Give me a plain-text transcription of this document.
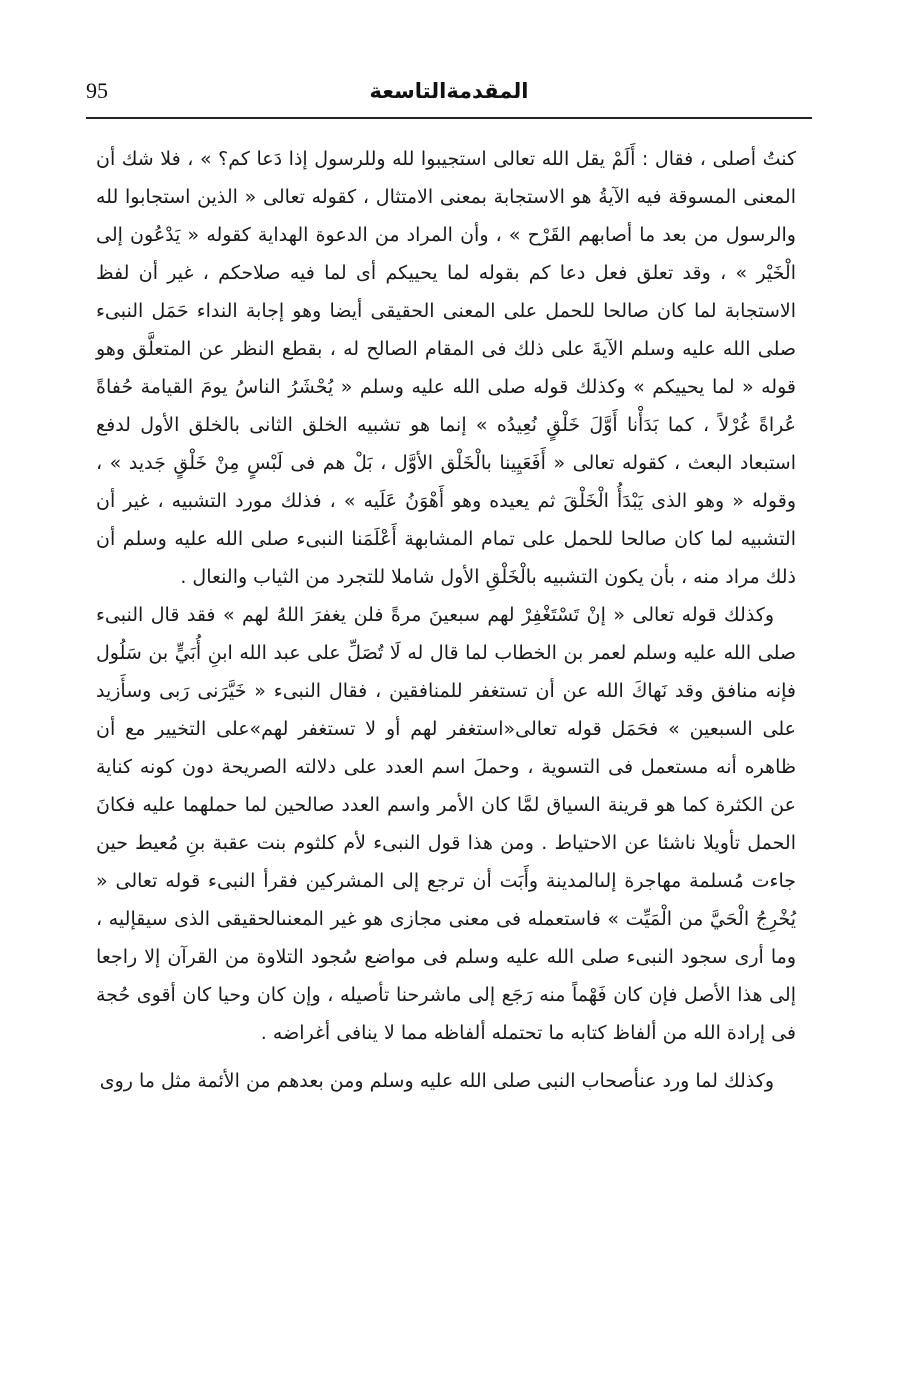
95	المقدمةالتاسعة

كنتُ أصلى ، فقال : أَلَمْ يقل الله تعالى استجيبوا لله وللرسول إذا دَعا كم؟ » ، فلا شك أن المعنى المسوقة فيه الآيةُ هو الاستجابة بمعنى الامتثال ، كقوله تعالى « الذين استجابوا لله والرسول من بعد ما أصابهم القَرْح » ، وأن المراد من الدعوة الهداية كقوله « يَدْعُون إلى الْخَيْر » ، وقد تعلق فعل دعا كم بقوله لما يحييكم أى لما فيه صلاحكم ، غير أن لفظ الاستجابة لما كان صالحا للحمل على المعنى الحقيقى أيضا وهو إجابة النداء حَمَل النبىء صلى الله عليه وسلم الآيةَ على ذلك فى المقام الصالح له ، بقطع النظر عن المتعلَّق وهو قوله « لما يحييكم » وكذلك قوله صلى الله عليه وسلم « يُحْشَرُ الناسُ يومَ القيامة حُفاةً عُراةً غُرْلاً ، كما بَدَأْنا أَوَّلَ خَلْقٍ نُعِيدُه » إنما هو تشبيه الخلق الثانى بالخلق الأول لدفع استبعاد البعث ، كقوله تعالى « أَفَعَيِينا بالْخَلْق الأوَّل ، بَلْ هم فى لَبْسٍ مِنْ خَلْقٍ جَديد » ، وقوله « وهو الذى يَبْدَأُ الْخَلْقَ ثم يعيده وهو أَهْوَنُ عَلَيه » ، فذلك مورد التشبيه ، غير أن التشبيه لما كان صالحا للحمل على تمام المشابهة أَعْلَمَنا النبىء صلى الله عليه وسلم أن ذلك مراد منه ، بأن يكون التشبيه بالْخَلْقِ الأول شاملا للتجرد من الثياب والنعال .

وكذلك قوله تعالى « إنْ تَسْتَغْفِرْ لهم سبعينَ مرةً فلن يغفرَ اللهُ لهم » فقد قال النبىء صلى الله عليه وسلم لعمر بن الخطاب لما قال له لَا تُصَلِّ على عبد الله ابنِ أُبَيٍّ بن سَلُول فإنه منافق وقد نَهاكَ الله عن أن تستغفر للمنافقين ، فقال النبىء « خَيَّرَنى رَبى وسأَزيد على السبعين » فحَمَل قوله تعالى«استغفر لهم أو لا تستغفر لهم»على التخيير مع أن ظاهره أنه مستعمل فى التسوية ، وحملَ اسم العدد على دلالته الصريحة دون كونه كناية عن الكثرة كما هو قرينة السياق لمَّا كان الأمر واسم العدد صالحين لما حملهما عليه فكانَ الحمل تأويلا ناشئا عن الاحتياط . ومن هذا قول النبىء لأم كلثوم بنت عقبة بنِ مُعيط حين جاءت مُسلمة مهاجرة إلىالمدينة وأَبَت أن ترجع إلى المشركين فقرأ النبىء قوله تعالى « يُخْرِجُ الْحَيَّ من الْمَيِّت » فاستعمله فى معنى مجازى هو غير المعنىالحقيقى الذى سيقإليه ، وما أرى سجود النبىء صلى الله عليه وسلم فى مواضع سُجود التلاوة من القرآن إلا راجعا إلى هذا الأصل فإن كان فَهْماً منه رَجَع إلى ماشرحنا تأصيله ، وإن كان وحيا كان أقوى حُجة فى إرادة الله من ألفاظ كتابه ما تحتمله ألفاظه مما لا ينافى أغراضه .

وكذلك لما ورد عنأصحاب النبى صلى الله عليه وسلم ومن بعدهم من الأئمة مثل ما روى
